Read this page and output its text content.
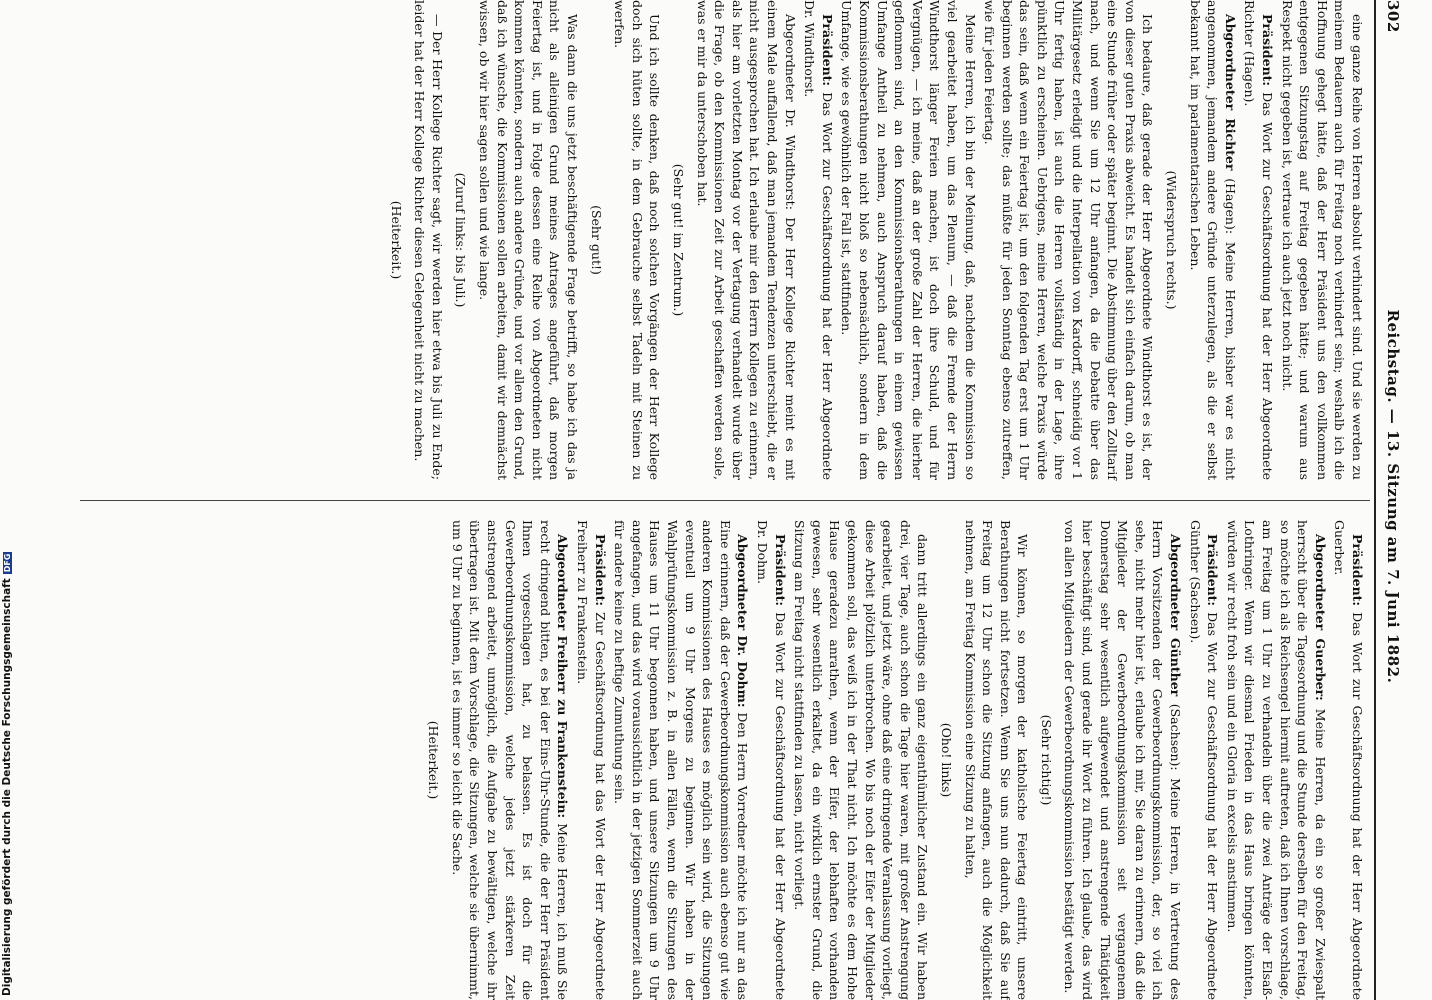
302
Reichstag. — 13. Sitzung am 7. Juni 1882.

eine ganze Reihe von Herren absolut verhindert sind. Und sie werden zu meinem Bedauern auch für Freitag noch verhindert sein; weshalb ich die Hoffnung gehegt hätte, daß der Herr Präsident uns den vollkommen entgegenen Sitzungstag auf Freitag gegeben hätte; und warum aus Respekt nicht gegeben ist, vertraue ich auch jetzt noch nicht.

Präsident: Das Wort zur Geschäftsordnung hat der Herr Abgeordnete Richter (Hagen).

Abgeordneter Richter (Hagen): Meine Herren, bisher war es nicht angenommen, jemandem andere Gründe unterzulegen, als die er selbst bekannt hat, im parlamentarischen Leben.

(Widerspruch rechts.)

Ich bedaure, daß gerade der Herr Abgeordnete Windthorst es ist, der von dieser guten Praxis abweicht. Es handelt sich einfach darum, ob man eine Stunde früher oder später beginnt. Die Abstimmung über den Zolltarif nach, und wenn Sie um 12 Uhr anfangen, da die Debatte über das Militärgesetz erledigt und die Interpellation von Kardorff, schneidig vor 1 Uhr fertig haben, ist auch die Herren vollständig in der Lage, ihre pünktlich zu erscheinen. Uebrigens, meine Herren, welche Praxis würde das sein, daß wenn ein Feiertag ist, um den folgenden Tag erst um 1 Uhr beginnen werden sollte; das müßte für jeden Sonntag ebenso zutreffen, wie für jeden Feiertag.

Meine Herren, ich bin der Meinung, daß, nachdem die Kommission so viel gearbeitet haben, um das Plenum, — daß die Fremde der Herrn Windthorst länger Ferien machen, ist doch ihre Schuld, und für Vergnügen, — ich meine, daß an der große Zahl der Herren, die hierher geflommen sind, an den Kommissionsberathungen in einem gewissen Umfange Antheil zu nehmen, auch Anspruch darauf haben, daß die Kommissionsberathungen nicht bloß so nebensächlich, sondern in dem Umfange, wie es gewöhnlich der Fall ist, stattfinden.

Präsident: Das Wort zur Geschäftsordnung hat der Herr Abgeordnete Dr. Windthorst.

Abgeordneter Dr. Windthorst: Der Herr Kollege Richter meint es mit einem Male auffallend, daß man jemandem Tendenzen unterschiebt, die er nicht ausgesprochen hat. Ich erlaube mir den Herrn Kollegen zu erinnern, als hier am vorletzten Montag vor der Vertagung verhandelt wurde über die Frage, ob den Kommissionen Zeit zur Arbeit geschaffen werden solle, was er mir da unterschoben hat.

(Sehr gut! im Zentrum.)

Und ich sollte denken, daß noch solchen Vorgängen der Herr Kollege doch sich hüten sollte, in dem Gebrauche selbst Tadeln mit Steinen zu werfen.

(Sehr gut!)

Was dann die uns jetzt beschäftigende Frage betrifft, so habe ich das ja nicht als alleinigen Grund meines Antrages angeführt, daß morgen Feiertag ist, und in Folge dessen eine Reihe von Abgeordneten nicht kommen könnten, sondern auch andere Gründe, und vor allem den Grund, daß ich wünsche, die Kommissionen sollen arbeiten, damit wir demnächst wissen, ob wir hier sagen sollen und wie lange.

(Zuruf links: bis Juli.)

— Der Herr Kollege Richter sagt, wir werden hier etwa bis Juli zu Ende; leider hat der Herr Kollege Richter diesen Gelegenheit nicht zu machen.

(Heiterkeit.)

Präsident: Das Wort zur Geschäftsordnung hat der Herr Abgeordnete Guerber.

Abgeordneter Guerber: Meine Herren, da ein so großer Zwiespalt herrscht über die Tagesordnung und die Stunde derselben für den Freitag, so möchte ich als Reichsengel hiermit auftreten, daß ich Ihnen vorschlage, am Freitag um 1 Uhr zu verhandeln über die zwei Anträge der Elsaß-Lothringer. Wenn wir diesmal Frieden in das Haus bringen könnten, würden wir recht froh sein und ein Gloria in excelsis anstimmen.

Präsident: Das Wort zur Geschäftsordnung hat der Herr Abgeordnete Günther (Sachsen).

Abgeordneter Günther (Sachsen): Meine Herren, in Vertretung des Herrn Vorsitzenden der Gewerbeordnungskommission, der, so viel ich sehe, nicht mehr hier ist, erlaube ich mir, Sie daran zu erinnern, daß die Mitglieder der Gewerbeordnungskommission seit vergangenem Donnerstag sehr wesentlich aufgewendet und anstrengende Thätigkeit hier beschäftigt sind, und gerade ihr Wort zu führen. Ich glaube, das wird von allen Mitgliedern der Gewerbeordnungskommission bestätigt werden.

(Sehr richtig!)

Wir können, so morgen der katholische Feiertag eintritt, unsere Berathungen nicht fortsetzen. Wenn Sie uns nun dadurch, daß Sie auf Freitag um 12 Uhr schon die Sitzung anfangen, auch die Möglichkeit nehmen, am Freitag Kommission eine Sitzung zu halten,

(Oho! links)

dann tritt allerdings ein ganz eigenthümlicher Zustand ein. Wir haben drei, vier Tage, auch schon die Tage hier waren, mit großer Anstrengung gearbeitet, und jetzt wäre, ohne daß eine dringende Veranlassung vorliegt, diese Arbeit plötzlich unterbrochen. Wo bis noch der Eifer der Mitglieder gekommen soll, das weiß ich in der That nicht. Ich möchte es dem Hohe Hause geradezu anrathen, wenn der Eifer, der lebhaften vorhanden gewesen, sehr wesentlich erkaltet, da ein wirklich ernster Grund, die Sitzung am Freitag nicht stattfinden zu lassen, nicht vorliegt.

Präsident: Das Wort zur Geschäftsordnung hat der Herr Abgeordnete Dr. Dohm.

Abgeordneter Dr. Dohm: Den Herrn Vorredner möchte ich nur an das Eine erinnern, daß der Gewerbeordnungskommission auch ebenso gut wie anderen Kommissionen des Hauses es möglich sein wird, die Sitzungen eventuell um 9 Uhr Morgens zu beginnen. Wir haben in der Wahlprüfungskommission z. B. in allen Fällen, wenn die Sitzungen des Hauses um 11 Uhr begonnen haben, und unsere Sitzungen um 9 Uhr angefangen, und das wird voraussichtlich in der jetzigen Sommerzeit auch für andere keine zu heftige Zumuthung sein.

Präsident: Zur Geschäftsordnung hat das Wort der Herr Abgeordnete Freiherr zu Frankenstein.

Abgeordneter Freiherr zu Frankenstein: Meine Herren, ich muß Sie recht dringend bitten, es bei der Eins-Uhr-Stunde, die der Herr Präsident Ihnen vorgeschlagen hat, zu belassen. Es ist doch für die Gewerbeordnungskommission, welche jedes jetzt stärkeren Zeit anstrengend arbeitet, unmöglich, die Aufgabe zu bewältigen, welche ihr übertragen ist. Mit dem Vorschlage, die Sitzungen, welche sie übernimmt, um 9 Uhr zu beginnen, ist es immer so leicht die Sache.

(Heiterkeit.)

Digitalisierung gefördert durch die Deutsche ForschungsgemeinschaftDFG
